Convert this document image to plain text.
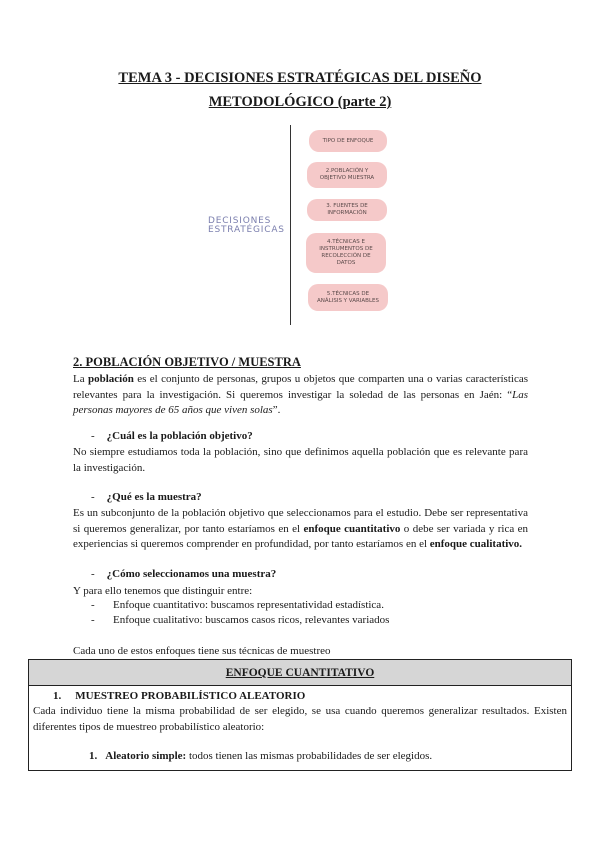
TEMA 3 - DECISIONES ESTRATÉGICAS DEL DISEÑO
METODOLÓGICO (parte 2)
DECISIONES
ESTRATÉGICAS
TIPO DE ENFOQUE
2.POBLACIÓN Y OBJETIVO MUESTRA
3. FUENTES DE INFORMACIÓN
4.TÉCNICAS E INSTRUMENTOS DE RECOLECCIÓN DE DATOS
5.TÉCNICAS DE ANÁLISIS Y VARIABLES
2. POBLACIÓN OBJETIVO / MUESTRA
La población es el conjunto de personas, grupos u objetos que comparten una o varias características relevantes para la investigación. Si queremos investigar la soledad de las personas en Jaén: “Las personas mayores de 65 años que viven solas”.
- ¿Cuál es la población objetivo?
No siempre estudiamos toda la población, sino que definimos aquella población que es relevante para la investigación.
- ¿Qué es la muestra?
Es un subconjunto de la población objetivo que seleccionamos para el estudio. Debe ser representativa si queremos generalizar, por tanto estaríamos en el enfoque cuantitativo o debe ser variada y rica en experiencias si queremos comprender en profundidad, por tanto estaríamos en el enfoque cualitativo.
- ¿Cómo seleccionamos una muestra?
Y para ello tenemos que distinguir entre:
- Enfoque cuantitativo: buscamos representatividad estadística.
- Enfoque cualitativo: buscamos casos ricos, relevantes variados
Cada uno de estos enfoques tiene sus técnicas de muestreo
ENFOQUE CUANTITATIVO
1. MUESTREO PROBABILÍSTICO ALEATORIO
Cada individuo tiene la misma probabilidad de ser elegido, se usa cuando queremos generalizar resultados. Existen diferentes tipos de muestreo probabilístico aleatorio:
1. Aleatorio simple: todos tienen las mismas probabilidades de ser elegidos.
